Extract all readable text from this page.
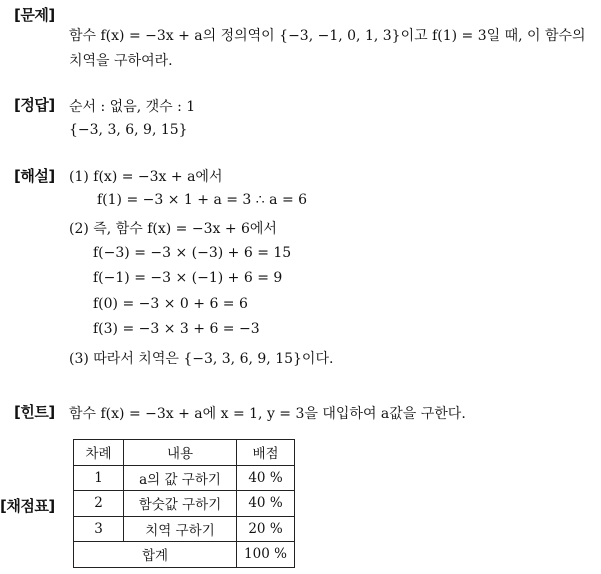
[문제]
[정답]
[해설]
[힌트]
[채점표]
함수 f(x) = −3x + a의 정의역이 {−3, −1, 0, 1, 3}이고 f(1) = 3일 때, 이 함수의
치역을 구하여라.
순서 : 없음, 갯수 : 1
{−3, 3, 6, 9, 15}
(1) f(x) = −3x + a에서
f(1) = −3 × 1 + a = 3 ∴ a = 6
(2) 즉, 함수 f(x) = −3x + 6에서
f(−3) = −3 × (−3) + 6 = 15
f(−1) = −3 × (−1) + 6 = 9
f(0) = −3 × 0 + 6 = 6
f(3) = −3 × 3 + 6 = −3
(3) 따라서 치역은 {−3, 3, 6, 9, 15}이다.
함수 f(x) = −3x + a에 x = 1, y = 3을 대입하여 a값을 구한다.
차례	내용	배점
1	a의 값 구하기	40 %
2	함숫값 구하기	40 %
3	치역 구하기	20 %
합계		100 %
